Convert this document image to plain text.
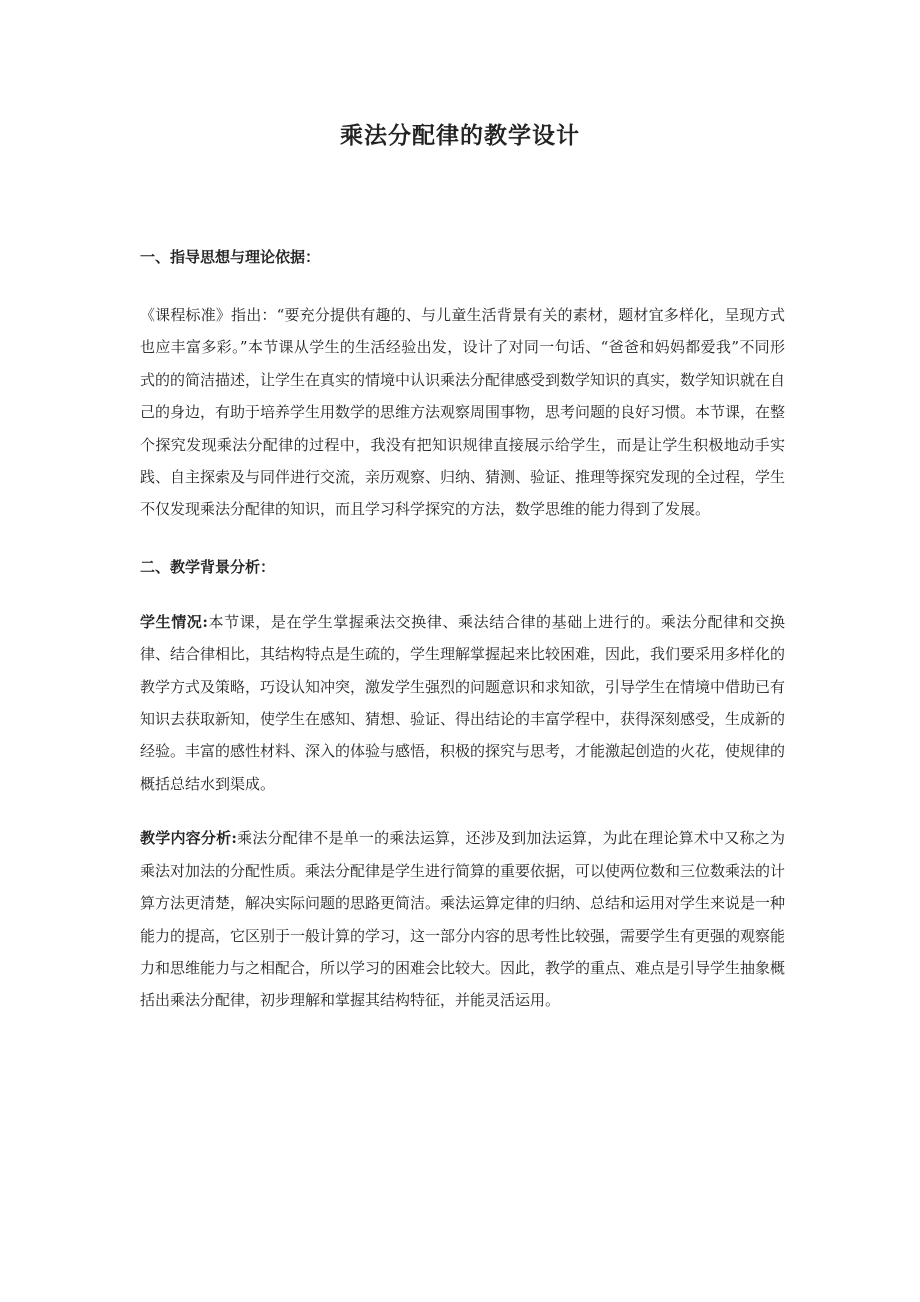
乘法分配律的教学设计

一、指导思想与理论依据：

《课程标准》指出：“要充分提供有趣的、与儿童生活背景有关的素材，题材宜多样化，呈现方式也应丰富多彩。”本节课从学生的生活经验出发，设计了对同一句话、“爸爸和妈妈都爱我”不同形式的的简洁描述，让学生在真实的情境中认识乘法分配律感受到数学知识的真实，数学知识就在自己的身边，有助于培养学生用数学的思维方法观察周围事物，思考问题的良好习惯。本节课，在整个探究发现乘法分配律的过程中，我没有把知识规律直接展示给学生，而是让学生积极地动手实践、自主探索及与同伴进行交流，亲历观察、归纳、猜测、验证、推理等探究发现的全过程，学生不仅发现乘法分配律的知识，而且学习科学探究的方法，数学思维的能力得到了发展。

二、教学背景分析：

学生情况:本节课，是在学生掌握乘法交换律、乘法结合律的基础上进行的。乘法分配律和交换律、结合律相比，其结构特点是生疏的，学生理解掌握起来比较困难，因此，我们要采用多样化的教学方式及策略，巧设认知冲突，激发学生强烈的问题意识和求知欲，引导学生在情境中借助已有知识去获取新知，使学生在感知、猜想、验证、得出结论的丰富学程中，获得深刻感受，生成新的经验。丰富的感性材料、深入的体验与感悟，积极的探究与思考，才能激起创造的火花，使规律的概括总结水到渠成。

教学内容分析:乘法分配律不是单一的乘法运算，还涉及到加法运算，为此在理论算术中又称之为乘法对加法的分配性质。乘法分配律是学生进行简算的重要依据，可以使两位数和三位数乘法的计算方法更清楚，解决实际问题的思路更简洁。乘法运算定律的归纳、总结和运用对学生来说是一种能力的提高，它区别于一般计算的学习，这一部分内容的思考性比较强，需要学生有更强的观察能力和思维能力与之相配合，所以学习的困难会比较大。因此，教学的重点、难点是引导学生抽象概括出乘法分配律，初步理解和掌握其结构特征，并能灵活运用。
